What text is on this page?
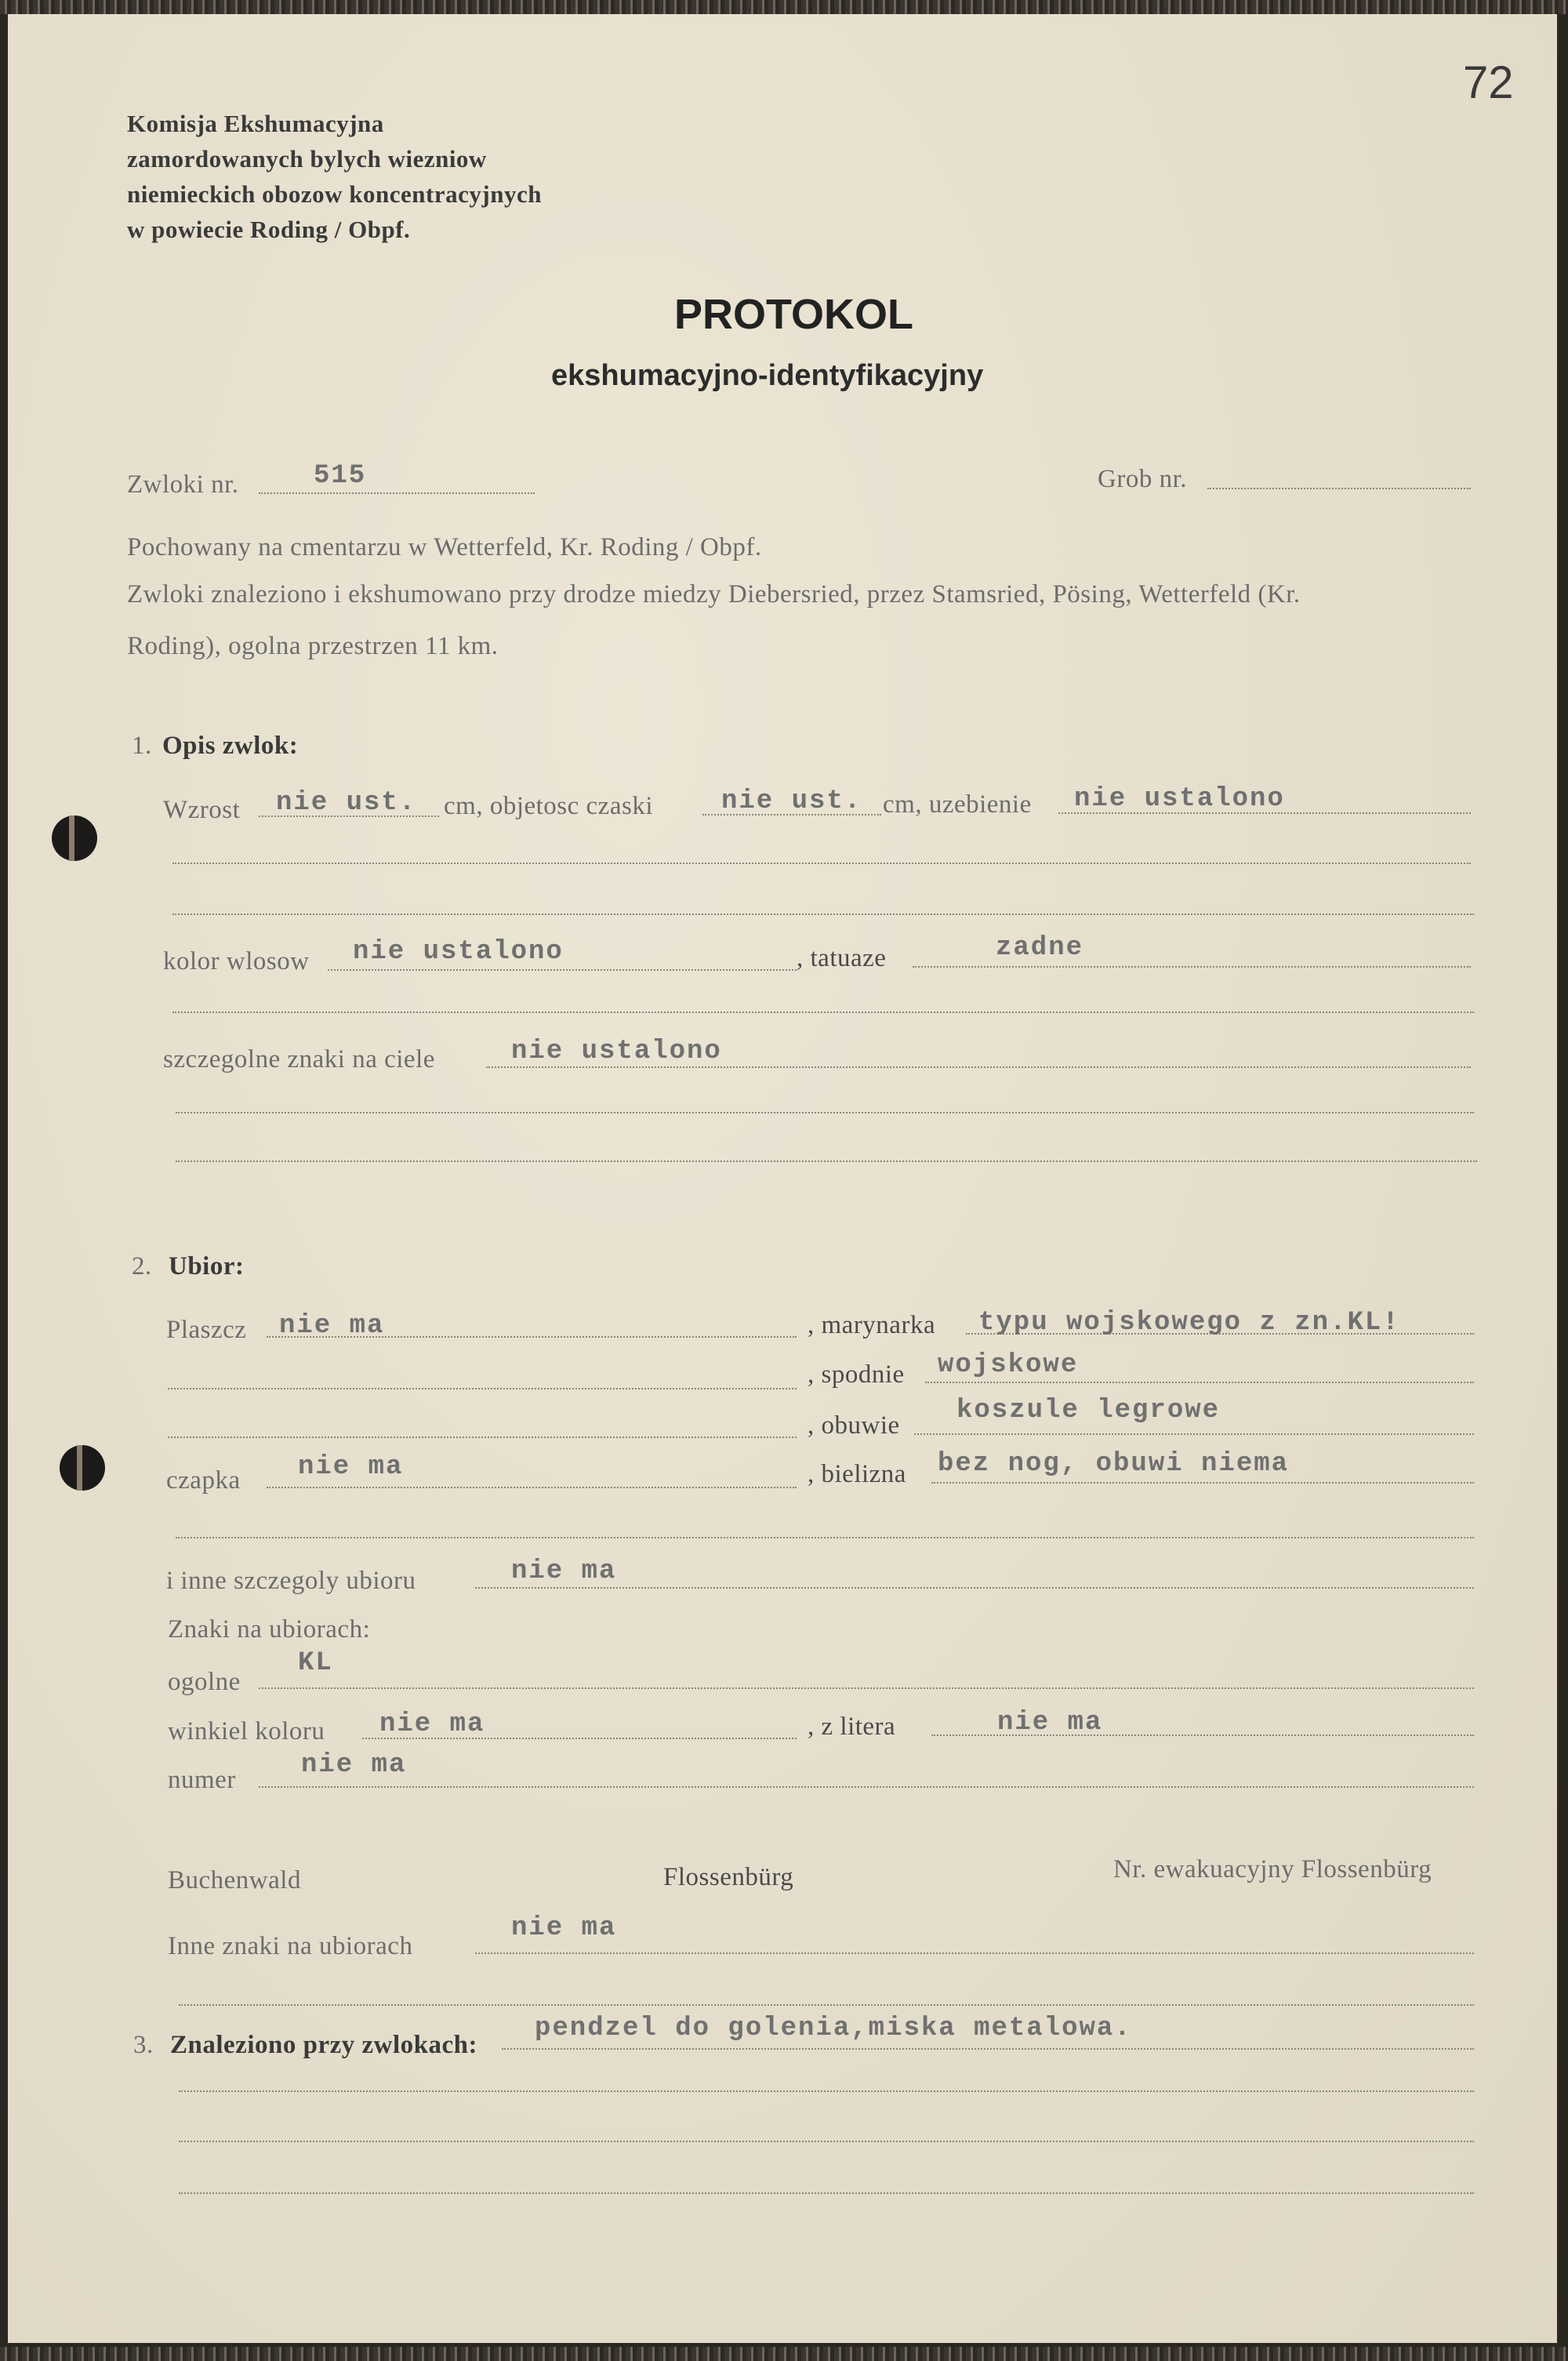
72
Komisja Ekshumacyjna
zamordowanych bylych wiezniow
niemieckich obozow koncentracyjnych
w powiecie Roding / Obpf.
PROTOKOL
ekshumacyjno-identyfikacyjny
Zwloki nr.	515	Grob nr.
Pochowany na cmentarzu w Wetterfeld, Kr. Roding / Obpf.
Zwloki znaleziono i ekshumowano przy drodze miedzy Diebersried, przez Stamsried, Pösing, Wetterfeld (Kr.
Roding), ogolna przestrzen 11 km.
1. Opis zwlok:
Wzrost nie ust. cm, objetosc czaski	nie ust. cm, uzebienie nie ustalono
kolor wlosow nie ustalono	, tatuaze	zadne
szczegolne znaki na ciele	nie ustalono
2. Ubior:
Plaszcz nie ma	, marynarka typu wojskowego z zn.KL!
, spodnie wojskowe
, obuwie koszule legrowe
czapka nie ma	, bielizna bez nog, obuwi niema
i inne szczegoly ubioru	nie ma
Znaki na ubiorach:
ogolne
KL
winkiel koloru nie ma	, z litera	nie ma
numer nie ma
Buchenwald	Flossenbürg	Nr. ewakuacyjny Flossenbürg
Inne znaki na ubiorach
nie ma
3. Znaleziono przy zwlokach:
pendzel do golenia,miska metalowa.
